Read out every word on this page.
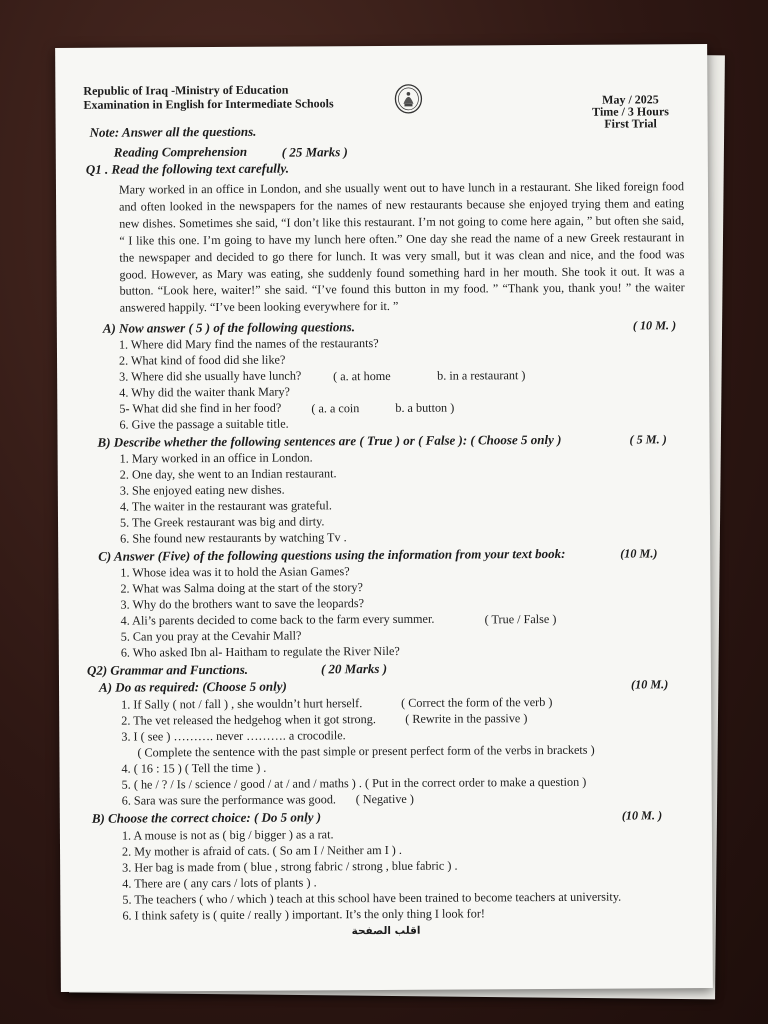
Republic of Iraq -Ministry of Education
Examination in English for Intermediate Schools	May / 2025
Time / 3 Hours
First Trial
Note: Answer all the questions.
Reading Comprehension	( 25 Marks )
Q1 . Read the following text carefully.

Mary worked in an office in London, and she usually went out to have lunch in a restaurant. She liked foreign food and often looked in the newspapers for the names of new restaurants because she enjoyed trying them and eating new dishes. Sometimes she said, “I don’t like this restaurant. I’m not going to come here again, ” but often she said, “ I like this one. I’m going to have my lunch here often.” One day she read the name of a new Greek restaurant in the newspaper and decided to go there for lunch. It was very small, but it was clean and nice, and the food was good. However, as Mary was eating, she suddenly found something hard in her mouth. She took it out. It was a button. “Look here, waiter!” she said. “I’ve found this button in my food. ” “Thank you, thank you! ” the waiter answered happily. “I’ve been looking everywhere for it. ”

A) Now answer ( 5 ) of the following questions.	( 10 M. )
1. Where did Mary find the names of the restaurants?
2. What kind of food did she like?
3. Where did she usually have lunch?	( a. at home	b. in a restaurant )
4. Why did the waiter thank Mary?
5- What did she find in her food? ( a. a coin	b. a button )
6. Give the passage a suitable title.
B) Describe whether the following sentences are ( True ) or ( False ): ( Choose 5 only )	( 5 M. )
1. Mary worked in an office in London.
2. One day, she went to an Indian restaurant.
3. She enjoyed eating new dishes.
4. The waiter in the restaurant was grateful.
5. The Greek restaurant was big and dirty.
6. She found new restaurants by watching Tv .
C) Answer (Five) of the following questions using the information from your text book:	(10 M.)
1. Whose idea was it to hold the Asian Games?
2. What was Salma doing at the start of the story?
3. Why do the brothers want to save the leopards?
4. Ali’s parents decided to come back to the farm every summer.	( True / False )
5. Can you pray at the Cevahir Mall?
6. Who asked Ibn al- Haitham to regulate the River Nile?
Q2) Grammar and Functions.	( 20 Marks )
A) Do as required: (Choose 5 only)	(10 M.)
1. If Sally ( not / fall ) , she wouldn’t hurt herself.	( Correct the form of the verb )
2. The vet released the hedgehog when it got strong. ( Rewrite in the passive )
3. I ( see ) ………. never ………. a crocodile.
( Complete the sentence with the past simple or present perfect form of the verbs in brackets )
4. ( 16 : 15 ) ( Tell the time ) .
5. ( he / ? / Is / science / good / at / and / maths ) . ( Put in the correct order to make a question )
6. Sara was sure the performance was good. ( Negative )
B) Choose the correct choice: ( Do 5 only )	(10 M. )
1. A mouse is not as ( big / bigger ) as a rat.
2. My mother is afraid of cats. ( So am I / Neither am I ) .
3. Her bag is made from ( blue , strong fabric / strong , blue fabric ) .
4. There are ( any cars / lots of plants ) .
5. The teachers ( who / which ) teach at this school have been trained to become teachers at university.
6. I think safety is ( quite / really ) important. It’s the only thing I look for!
اقلب الصفحة
